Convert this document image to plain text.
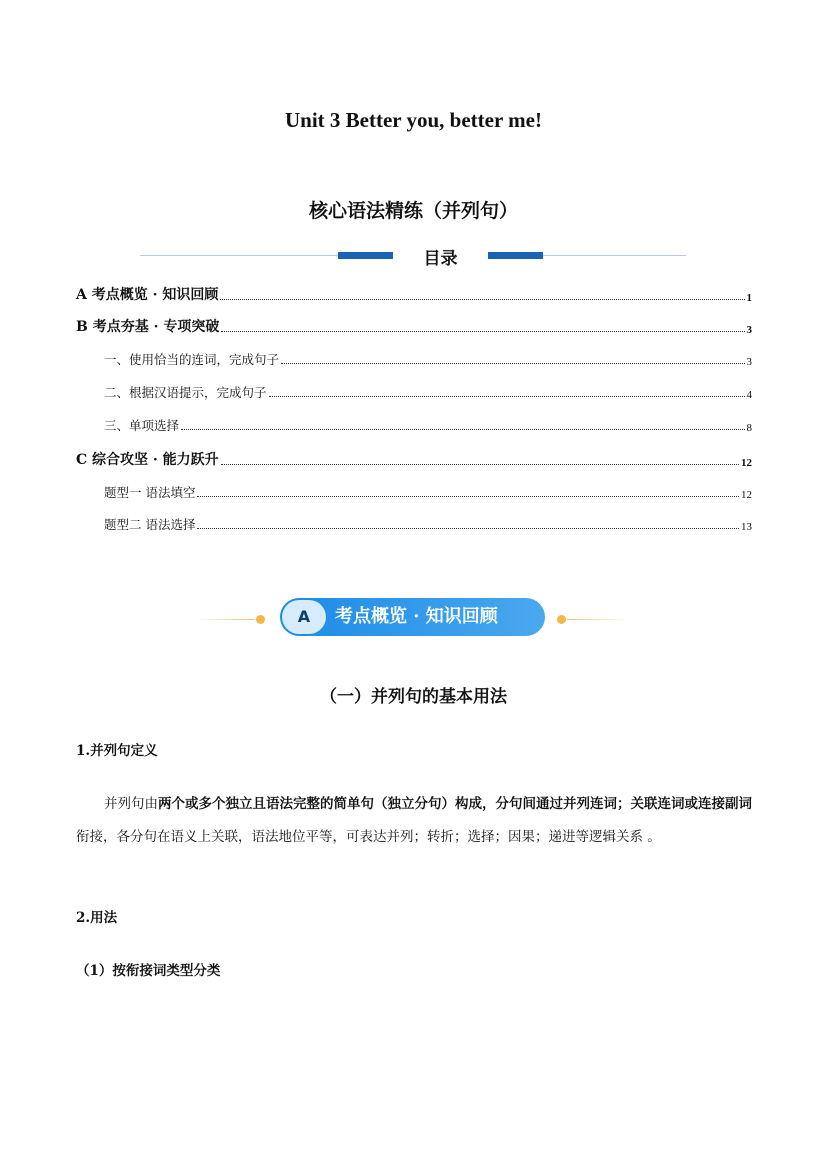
Unit 3 Better you, better me!
核心语法精练（并列句）
目录
A 考点概览 · 知识回顾	1
B 考点夯基 · 专项突破	3
一、使用恰当的连词，完成句子	3
二、根据汉语提示，完成句子	4
三、单项选择	8
C 综合攻坚 · 能力跃升	12
题型一 语法填空	12
题型二 语法选择	13
A	考点概览 · 知识回顾
（一）并列句的基本用法
1.并列句定义
并列句由两个或多个独立且语法完整的简单句（独立分句）构成，分句间通过并列连词；关联连词或连接副词衔接，各分句在语义上关联，语法地位平等，可表达并列；转折；选择；因果；递进等逻辑关系 。
2.用法
（1）按衔接词类型分类
